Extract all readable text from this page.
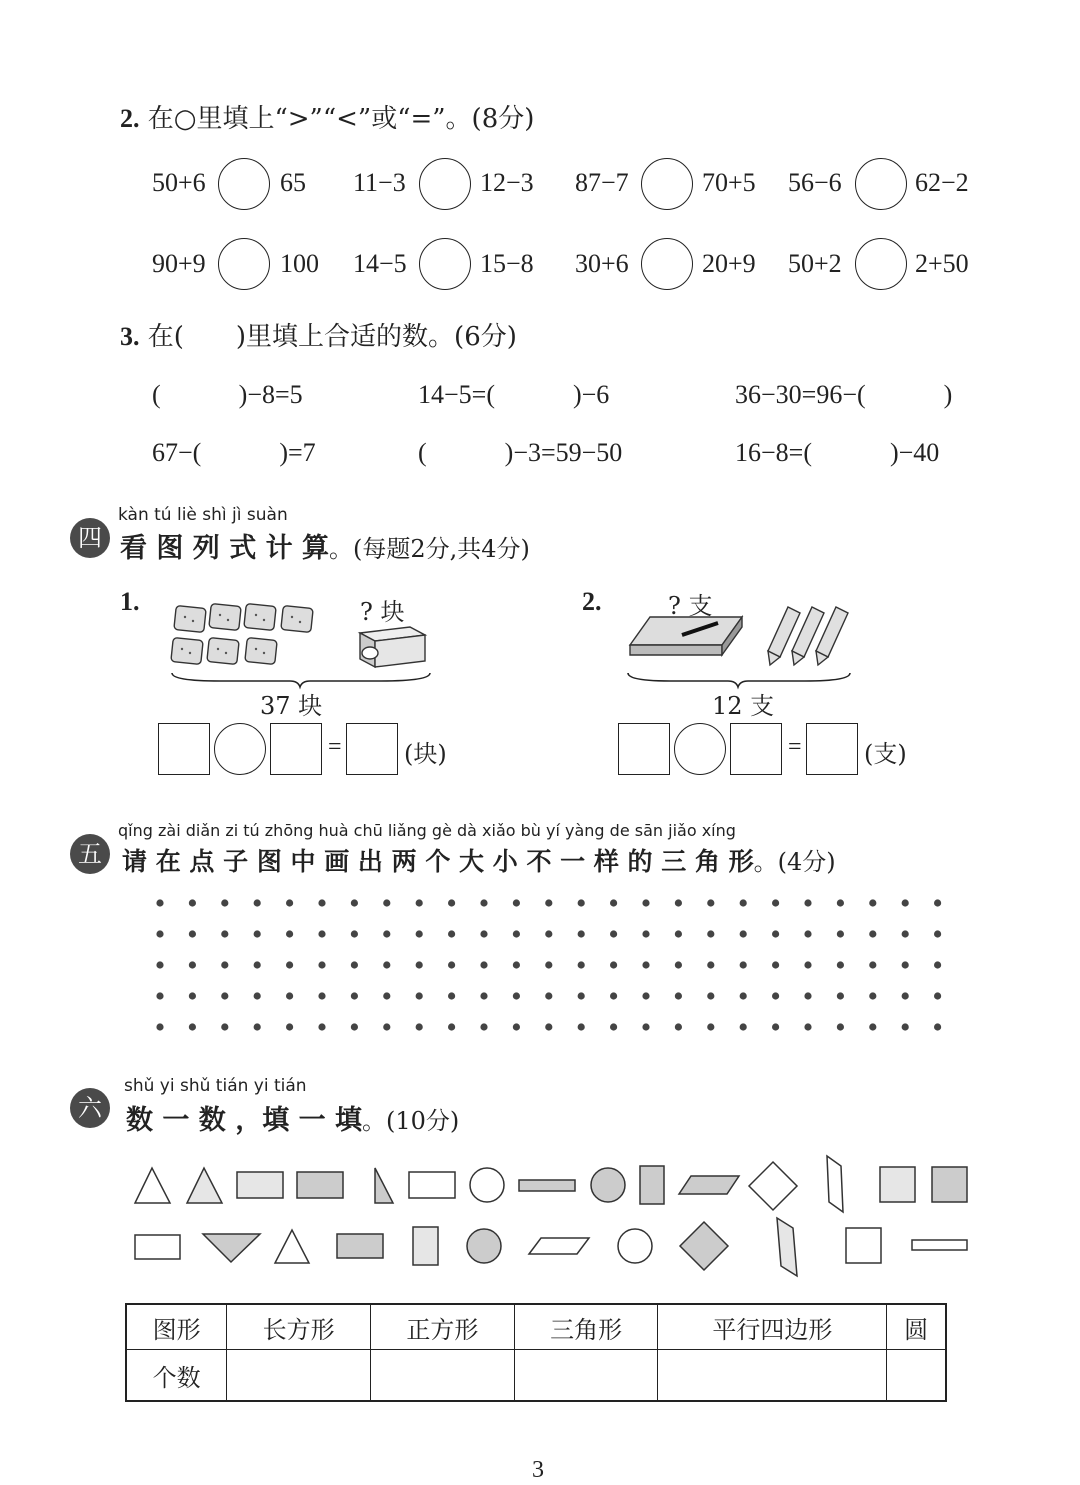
2. 在○里填上“>”“<”或“=”。(8分)
50+6	65 11−3	12−3 87−7	70+5 56−6	62−2
90+9	100 14−5	15−8 30+6	20+9 50+2	2+50
3. 在(　　)里填上合适的数。(6分)
(　　　)−8=5	14−5=(　　　)−6	36−30=96−(　　　)
67−(　　　)=7	(　　　)−3=59−50	16−8=(　　　)−40
四
kàn tú liè shì jì suàn
看 图 列 式 计 算。(每题2分,共4分)
1.	? 块
37 块
=	(块)
2.	? 支
12 支
=	(支)
五
qǐng zài diǎn zi tú zhōng huà chū liǎng gè dà xiǎo bù yí yàng de sān jiǎo xíng
请 在 点 子 图 中 画 出 两 个 大 小 不 一 样 的 三 角 形。(4分)
六
shǔ yi shǔ tián yi tián
数 一 数 ，填 一 填。(10分)
图形	长方形	正方形	三角形	平行四边形	圆
个数					
3
